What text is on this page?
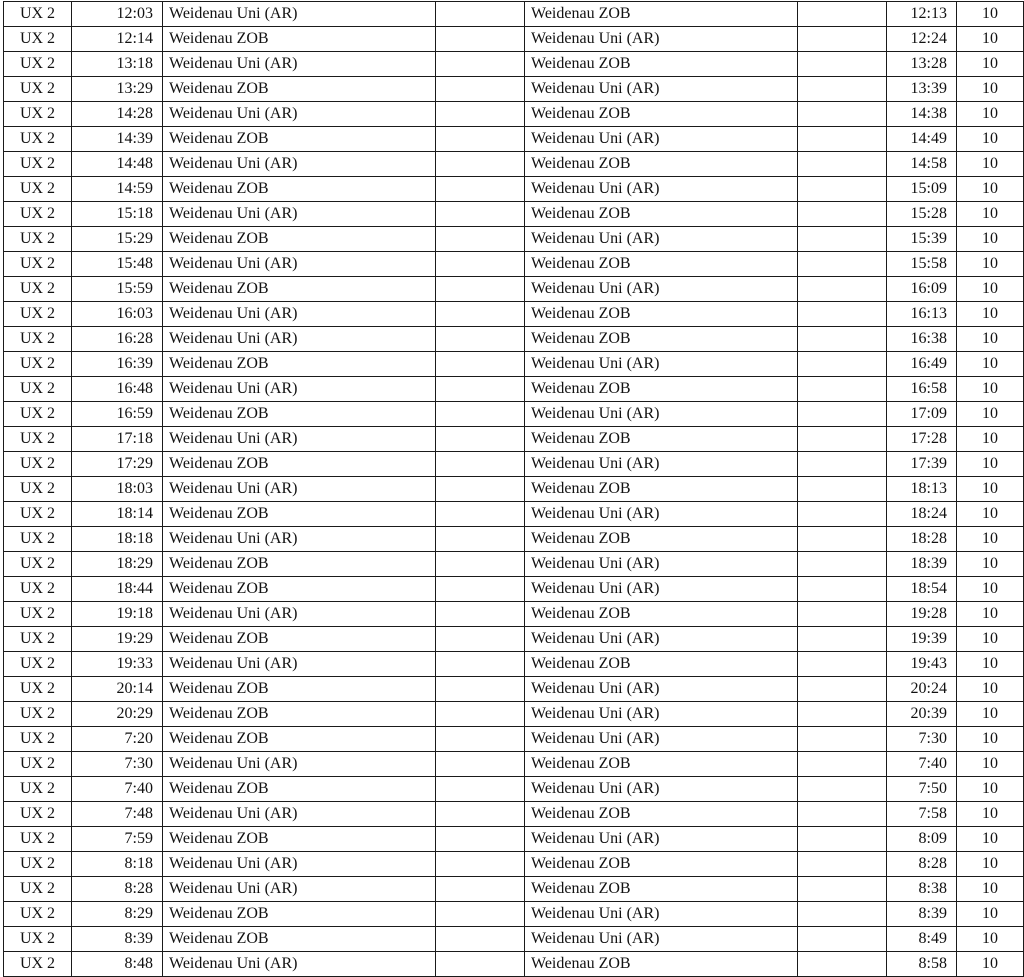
UX 2	12:03	Weidenau Uni (AR)		Weidenau ZOB		12:13	10
UX 2	12:14	Weidenau ZOB		Weidenau Uni (AR)		12:24	10
UX 2	13:18	Weidenau Uni (AR)		Weidenau ZOB		13:28	10
UX 2	13:29	Weidenau ZOB		Weidenau Uni (AR)		13:39	10
UX 2	14:28	Weidenau Uni (AR)		Weidenau ZOB		14:38	10
UX 2	14:39	Weidenau ZOB		Weidenau Uni (AR)		14:49	10
UX 2	14:48	Weidenau Uni (AR)		Weidenau ZOB		14:58	10
UX 2	14:59	Weidenau ZOB		Weidenau Uni (AR)		15:09	10
UX 2	15:18	Weidenau Uni (AR)		Weidenau ZOB		15:28	10
UX 2	15:29	Weidenau ZOB		Weidenau Uni (AR)		15:39	10
UX 2	15:48	Weidenau Uni (AR)		Weidenau ZOB		15:58	10
UX 2	15:59	Weidenau ZOB		Weidenau Uni (AR)		16:09	10
UX 2	16:03	Weidenau Uni (AR)		Weidenau ZOB		16:13	10
UX 2	16:28	Weidenau Uni (AR)		Weidenau ZOB		16:38	10
UX 2	16:39	Weidenau ZOB		Weidenau Uni (AR)		16:49	10
UX 2	16:48	Weidenau Uni (AR)		Weidenau ZOB		16:58	10
UX 2	16:59	Weidenau ZOB		Weidenau Uni (AR)		17:09	10
UX 2	17:18	Weidenau Uni (AR)		Weidenau ZOB		17:28	10
UX 2	17:29	Weidenau ZOB		Weidenau Uni (AR)		17:39	10
UX 2	18:03	Weidenau Uni (AR)		Weidenau ZOB		18:13	10
UX 2	18:14	Weidenau ZOB		Weidenau Uni (AR)		18:24	10
UX 2	18:18	Weidenau Uni (AR)		Weidenau ZOB		18:28	10
UX 2	18:29	Weidenau ZOB		Weidenau Uni (AR)		18:39	10
UX 2	18:44	Weidenau ZOB		Weidenau Uni (AR)		18:54	10
UX 2	19:18	Weidenau Uni (AR)		Weidenau ZOB		19:28	10
UX 2	19:29	Weidenau ZOB		Weidenau Uni (AR)		19:39	10
UX 2	19:33	Weidenau Uni (AR)		Weidenau ZOB		19:43	10
UX 2	20:14	Weidenau ZOB		Weidenau Uni (AR)		20:24	10
UX 2	20:29	Weidenau ZOB		Weidenau Uni (AR)		20:39	10
UX 2	7:20	Weidenau ZOB		Weidenau Uni (AR)		7:30	10
UX 2	7:30	Weidenau Uni (AR)		Weidenau ZOB		7:40	10
UX 2	7:40	Weidenau ZOB		Weidenau Uni (AR)		7:50	10
UX 2	7:48	Weidenau Uni (AR)		Weidenau ZOB		7:58	10
UX 2	7:59	Weidenau ZOB		Weidenau Uni (AR)		8:09	10
UX 2	8:18	Weidenau Uni (AR)		Weidenau ZOB		8:28	10
UX 2	8:28	Weidenau Uni (AR)		Weidenau ZOB		8:38	10
UX 2	8:29	Weidenau ZOB		Weidenau Uni (AR)		8:39	10
UX 2	8:39	Weidenau ZOB		Weidenau Uni (AR)		8:49	10
UX 2	8:48	Weidenau Uni (AR)		Weidenau ZOB		8:58	10
